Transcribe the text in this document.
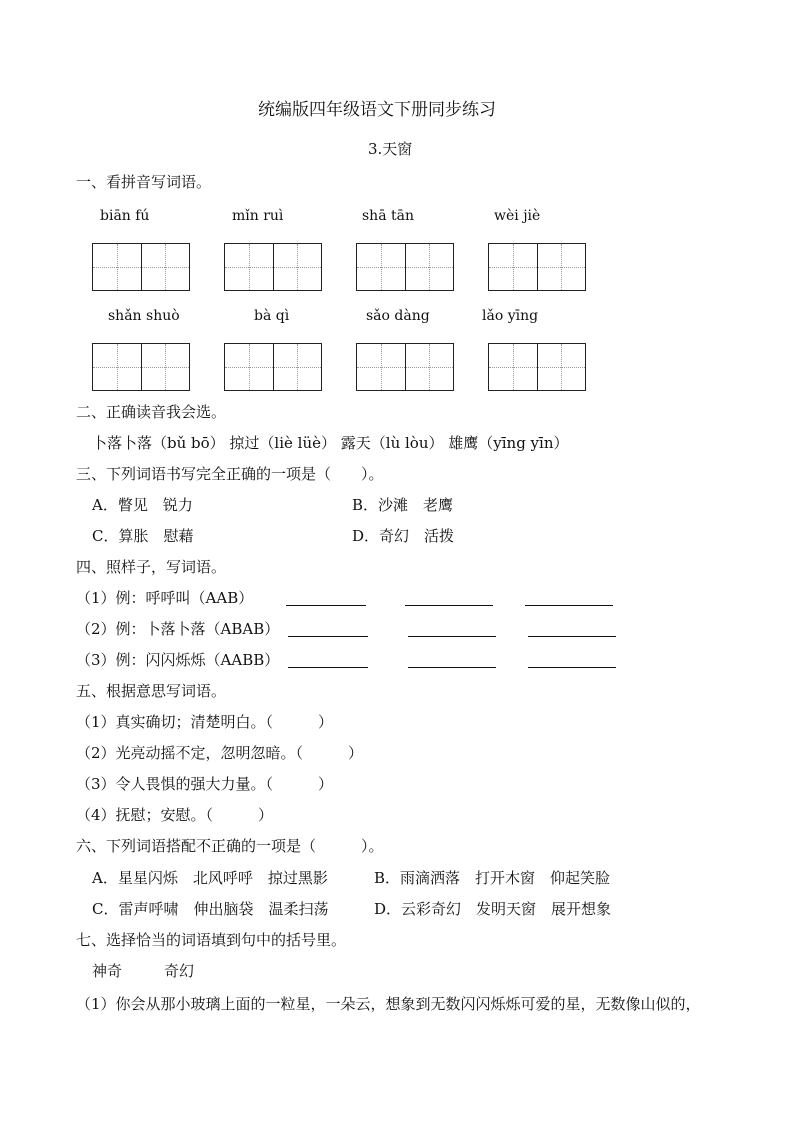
统编版四年级语文下册同步练习
3.天窗
一、看拼音写词语。
biān fú	mǐn ruì	shā tān	wèi jiè
shǎn shuò	bà qì	sǎo dàng	lǎo yīng
二、正确读音我会选。
卜落卜落（bǔ bō） 掠过（liè lüè） 露天（lù lòu） 雄鹰（yīng yīn）
三、下列词语书写完全正确的一项是（　　）。
A．瞥见　锐力	B．沙滩　老鹰
C．算胀　慰藉	D．奇幻　活拨
四、照样子，写词语。
（1）例：呼呼叫（AAB）
（2）例：卜落卜落（ABAB）
（3）例：闪闪烁烁（AABB）
五、根据意思写词语。
（1）真实确切；清楚明白。（　　　）
（2）光亮动摇不定，忽明忽暗。（　　　）
（3）令人畏惧的强大力量。（　　　）
（4）抚慰；安慰。（　　　）
六、下列词语搭配不正确的一项是（　　　）。
A．星星闪烁　北风呼呼　掠过黑影	B．雨滴洒落　打开木窗　仰起笑脸
C．雷声呼啸　伸出脑袋　温柔扫荡	D．云彩奇幻　发明天窗　展开想象
七、选择恰当的词语填到句中的括号里。
神奇	奇幻
（1）你会从那小玻璃上面的一粒星，一朵云，想象到无数闪闪烁烁可爱的星，无数像山似的，
